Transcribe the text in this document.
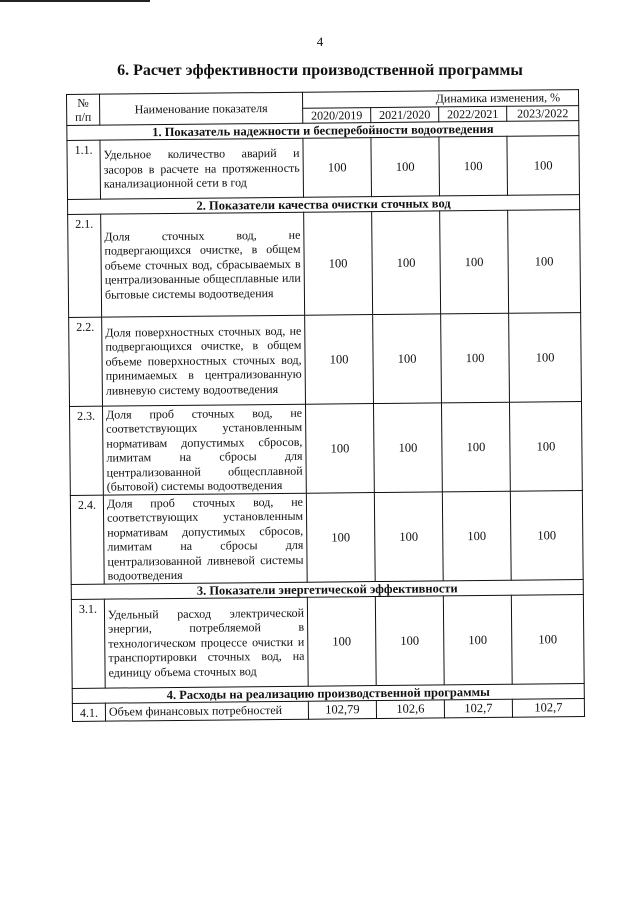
4
6. Расчет эффективности производственной программы
№
п/п	Наименование показателя	Динамика изменения, %			
		2020/2019	2021/2020	2022/2021	2023/2022
1. Показатель надежности и бесперебойности водоотведения					
1.1.	Удельное количество аварий и засоров в расчете на протяженность канализационной сети в год	100	100	100	100
2. Показатели качества очистки сточных вод					
2.1.	Доля сточных вод, не подвергающихся очистке, в общем объеме сточных вод, сбрасываемых в централизованные общесплавные или бытовые системы водоотведения	100	100	100	100
2.2.	Доля поверхностных сточных вод, не подвергающихся очистке, в общем объеме поверхностных сточных вод, принимаемых в централизованную ливневую систему водоотведения	100	100	100	100
2.3.	Доля проб сточных вод, не соответствующих установленным нормативам допустимых сбросов, лимитам на сбросы для централизованной общесплавной (бытовой) системы водоотведения	100	100	100	100
2.4.	Доля проб сточных вод, не соответствующих установленным нормативам допустимых сбросов, лимитам на сбросы для централизованной ливневой системы водоотведения	100	100	100	100
3. Показатели энергетической эффективности					
3.1.	Удельный расход электрической энергии, потребляемой в технологическом процессе очистки и транспортировки сточных вод, на единицу объема сточных вод	100	100	100	100
4. Расходы на реализацию производственной программы					
4.1.	Объем финансовых потребностей	102,79	102,6	102,7	102,7
